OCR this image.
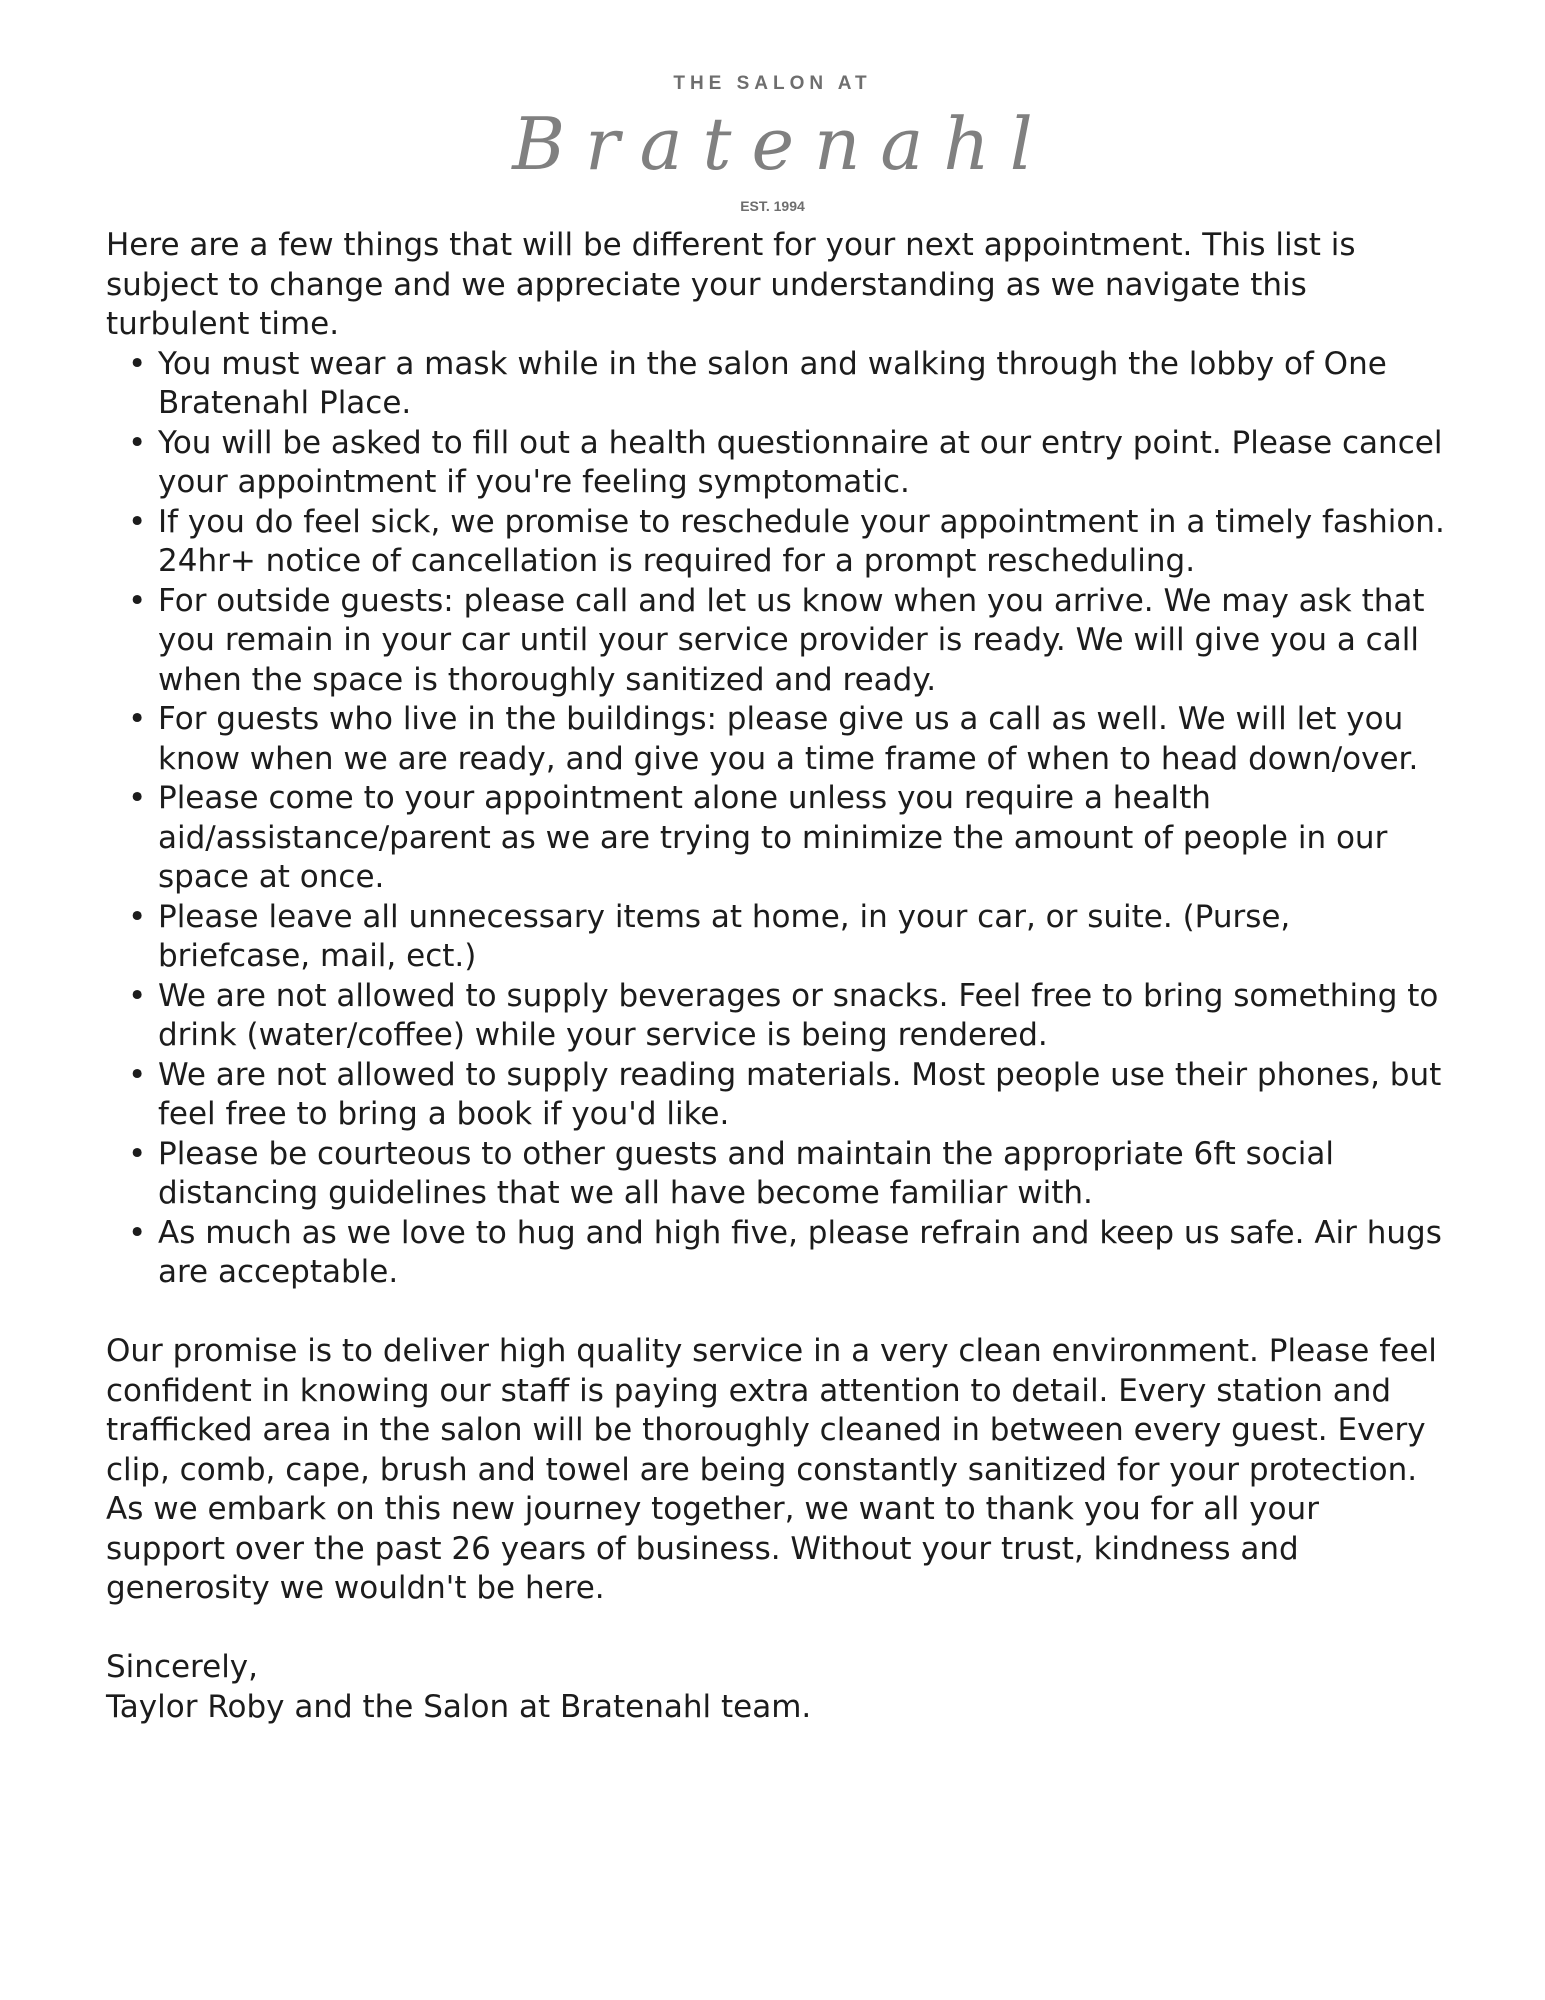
THE SALON AT
Bratenahl
EST. 1994

Here are a few things that will be different for your next appointment. This list is subject to change and we appreciate your understanding as we navigate this turbulent time.

• You must wear a mask while in the salon and walking through the lobby of One Bratenahl Place.
• You will be asked to fill out a health questionnaire at our entry point. Please cancel your appointment if you're feeling symptomatic.
• If you do feel sick, we promise to reschedule your appointment in a timely fashion. 24hr+ notice of cancellation is required for a prompt rescheduling.
• For outside guests: please call and let us know when you arrive. We may ask that you remain in your car until your service provider is ready. We will give you a call when the space is thoroughly sanitized and ready.
• For guests who live in the buildings: please give us a call as well. We will let you know when we are ready, and give you a time frame of when to head down/over.
• Please come to your appointment alone unless you require a health aid/assistance/parent as we are trying to minimize the amount of people in our space at once.
• Please leave all unnecessary items at home, in your car, or suite. (Purse, briefcase, mail, ect.)
• We are not allowed to supply beverages or snacks. Feel free to bring something to drink (water/coffee) while your service is being rendered.
• We are not allowed to supply reading materials. Most people use their phones, but feel free to bring a book if you'd like.
• Please be courteous to other guests and maintain the appropriate 6ft social distancing guidelines that we all have become familiar with.
• As much as we love to hug and high five, please refrain and keep us safe. Air hugs are acceptable.

Our promise is to deliver high quality service in a very clean environment. Please feel confident in knowing our staff is paying extra attention to detail. Every station and trafficked area in the salon will be thoroughly cleaned in between every guest. Every clip, comb, cape, brush and towel are being constantly sanitized for your protection. As we embark on this new journey together, we want to thank you for all your support over the past 26 years of business. Without your trust, kindness and generosity we wouldn't be here.

Sincerely,

Taylor Roby and the Salon at Bratenahl team.
